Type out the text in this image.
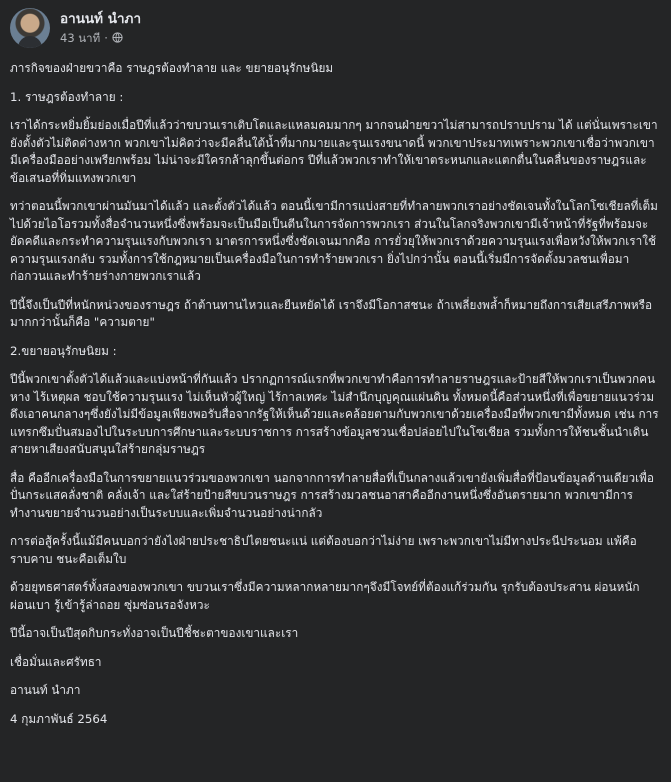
อานนท์ นำภา
43 นาที ·

ภารกิจของฝ่ายขวาคือ ราษฎรต้องทำลาย และ ขยายอนุรักษนิยม

1. ราษฎรต้องทำลาย :

เราได้กระหยิ่มยิ้มย่องเมื่อปีที่แล้วว่าขบวนเราเติบโตและแหลมคมมากๆ มากจนฝ่ายขวาไม่สามารถปราบปราม ได้ แต่นั่นเพราะเขายังตั้งตัวไม่ติดต่างหาก พวกเขาไม่คิดว่าจะมีคลื่นใต้น้ำที่มากมายและรุนแรงขนาดนี้ พวกเขาประมาทเพราะพวกเขาเชื่อว่าพวกเขามีเครื่องมืออย่างเพรียกพร้อม ไม่น่าจะมีใครกล้าลุกขึ้นต่อกร ปีที่แล้วพวกเราทำให้เขาตระหนกและแตกตื่นในคลื่นของราษฎรและข้อเสนอที่ทิ่มแทงพวกเขา

ทว่าตอนนี้พวกเขาผ่านมันมาได้แล้ว และตั้งตัวได้แล้ว ตอนนี้เขามีการแบ่งสายที่ทำลายพวกเราอย่างชัดเจนทั้งในโลกโซเชียลที่เต็มไปด้วยไอโอรวมทั้งสื่อจำนวนหนึ่งซึ่งพร้อมจะเป็นมือเป็นตีนในการจัดการพวกเรา ส่วนในโลกจริงพวกเขามีเจ้าหน้าที่รัฐที่พร้อมจะยัดคดีและกระทำความรุนแรงกับพวกเรา มาตรการหนึ่งซึ่งชัดเจนมากคือ การยั่วยุให้พวกเราด้วยความรุนแรงเพื่อหวังให้พวกเราใช้ความรุนแรงกลับ รวมทั้งการใช้กฎหมายเป็นเครื่องมือในการทำร้ายพวกเรา ยิ่งไปกว่านั้น ตอนนี้เริ่มมีการจัดตั้งมวลชนเพื่อมาก่อกวนและทำร้ายร่างกายพวกเราแล้ว

ปีนี้จึงเป็นปีที่หนักหน่วงของราษฎร ถ้าต้านทานไหวและยืนหยัดได้ เราจึงมีโอกาสชนะ ถ้าเพลี่ยงพล้ำก็หมายถึงการเสียเสรีภาพหรือมากกว่านั้นก็คือ "ความตาย"

2.ขยายอนุรักษนิยม :

ปีนี้พวกเขาตั้งตัวได้แล้วและแบ่งหน้าที่กันแล้ว ปรากฏการณ์แรกที่พวกเขาทำคือการทำลายราษฎรและป้ายสีให้พวกเราเป็นพวกคนหาง ไร้เหตุผล ชอบใช้ความรุนแรง ไม่เห็นหัวผู้ใหญ่ ไร้กาลเทศะ ไม่สำนึกบุญคุณแผ่นดิน ทั้งหมดนี้คือส่วนหนึ่งที่เพื่อขยายแนวร่วม ดึงเอาคนกลางๆซึ่งยังไม่มีข้อมูลเพียงพอรับสื่อจากรัฐให้เห็นด้วยและคล้อยตามกับพวกเขาด้วยเครื่องมือที่พวกเขามีทั้งหมด เช่น การแทรกซึมปั่นสมองไปในระบบการศึกษาและระบบราชการ การสร้างข้อมูลชวนเชื่อปล่อยไปในโซเชียล รวมทั้งการให้ชนชั้นนำเดินสายหาเสียงสนับสนุนใส่ร้ายกลุ่มราษฎร

สื่อ คืออีกเครื่องมือในการขยายแนวร่วมของพวกเขา นอกจากการทำลายสื่อที่เป็นกลางแล้วเขายังเพิ่มสื่อที่ป้อนข้อมูลด้านเดียวเพื่อปั่นกระแสคลั่งชาติ คลั่งเจ้า และใส่ร้ายป้ายสีขบวนราษฎร การสร้างมวลชนอาสาคืออีกงานหนึ่งซึ่งอันตรายมาก พวกเขามีการทำงานขยายจำนวนอย่างเป็นระบบและเพิ่มจำนวนอย่างน่ากลัว

การต่อสู้ครั้งนี้แม้มีคนบอกว่ายังไงฝ่ายประชาธิปไตยชนะแน่ แต่ต้องบอกว่าไม่ง่าย เพราะพวกเขาไม่มีทางประนีประนอม แพ้คือราบคาบ ชนะคือเต็มใบ

ด้วยยุทธศาสตร์ทั้งสองของพวกเขา ขบวนเราซึ่งมีความหลากหลายมากๆจึงมีโจทย์ที่ต้องแก้ร่วมกัน รุกรับต้องประสาน ผ่อนหนักผ่อนเบา รู้เข้ารู้ล่าถอย ซุ่มซ่อนรอจังหวะ

ปีนี้อาจเป็นปีสุดกิบกระทั่งอาจเป็นปีชี้ชะตาของเขาและเรา

เชื่อมั่นและศรัทธา

อานนท์ นำภา

4 กุมภาพันธ์ 2564
